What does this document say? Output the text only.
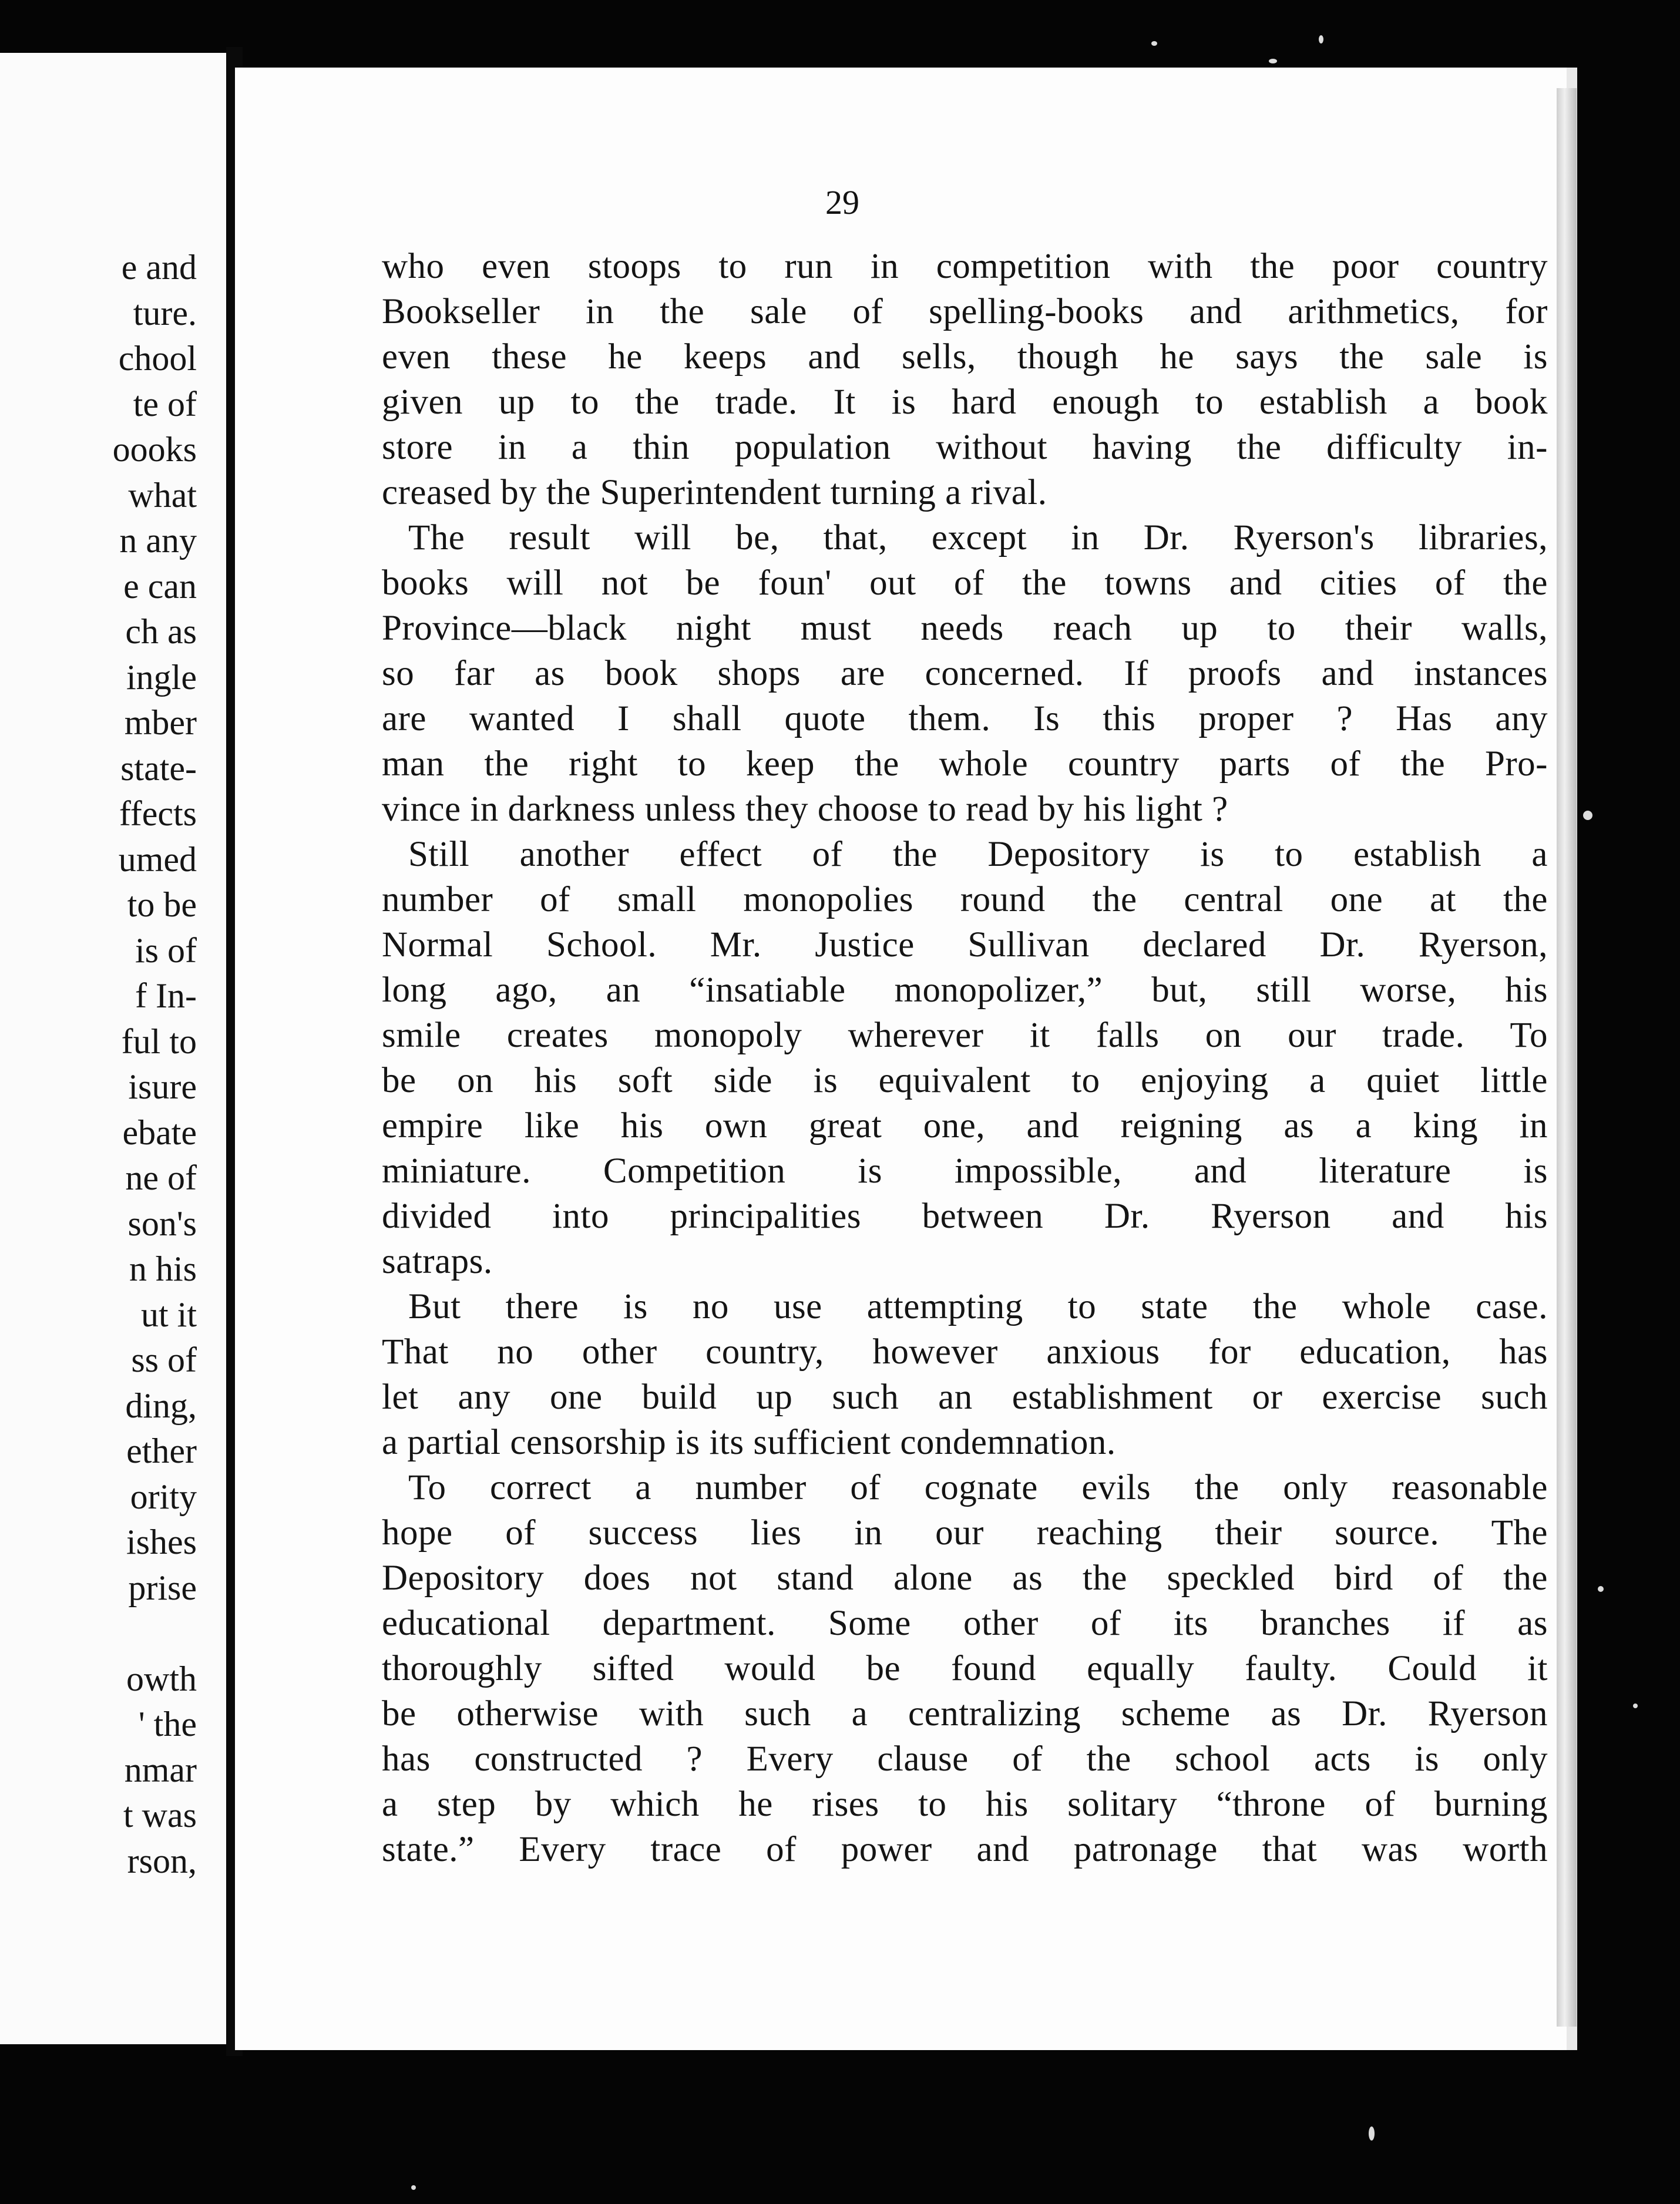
e and
ture.
chool
te of
oooks
what
n any
e can
ch as
ingle
mber
state-
ffects
umed
to be
is of
f In-
ful to
isure
ebate
ne of
son's
n his
ut it
ss of
ding,
ether
ority
ishes
prise
owth
' the
nmar
t was
rson,
29
who even stoops to run in competition with the poor country
Bookseller in the sale of spelling-books and arithmetics, for
even these he keeps and sells, though he says the sale is
given up to the trade. It is hard enough to establish a book
store in a thin population without having the difficulty in-
creased by the Superintendent turning a rival.
The result will be, that, except in Dr. Ryerson's libraries,
books will not be foun' out of the towns and cities of the
Province—black night must needs reach up to their walls,
so far as book shops are concerned. If proofs and instances
are wanted I shall quote them. Is this proper ? Has any
man the right to keep the whole country parts of the Pro-
vince in darkness unless they choose to read by his light ?
Still another effect of the Depository is to establish a
number of small monopolies round the central one at the
Normal School. Mr. Justice Sullivan declared Dr. Ryerson,
long ago, an “insatiable monopolizer,” but, still worse, his
smile creates monopoly wherever it falls on our trade. To
be on his soft side is equivalent to enjoying a quiet little
empire like his own great one, and reigning as a king in
miniature. Competition is impossible, and literature is
divided into principalities between Dr. Ryerson and his
satraps.
But there is no use attempting to state the whole case.
That no other country, however anxious for education, has
let any one build up such an establishment or exercise such
a partial censorship is its sufficient condemnation.
To correct a number of cognate evils the only reasonable
hope of success lies in our reaching their source. The
Depository does not stand alone as the speckled bird of the
educational department. Some other of its branches if as
thoroughly sifted would be found equally faulty. Could it
be otherwise with such a centralizing scheme as Dr. Ryerson
has constructed ? Every clause of the school acts is only
a step by which he rises to his solitary “throne of burning
state.” Every trace of power and patronage that was worth
